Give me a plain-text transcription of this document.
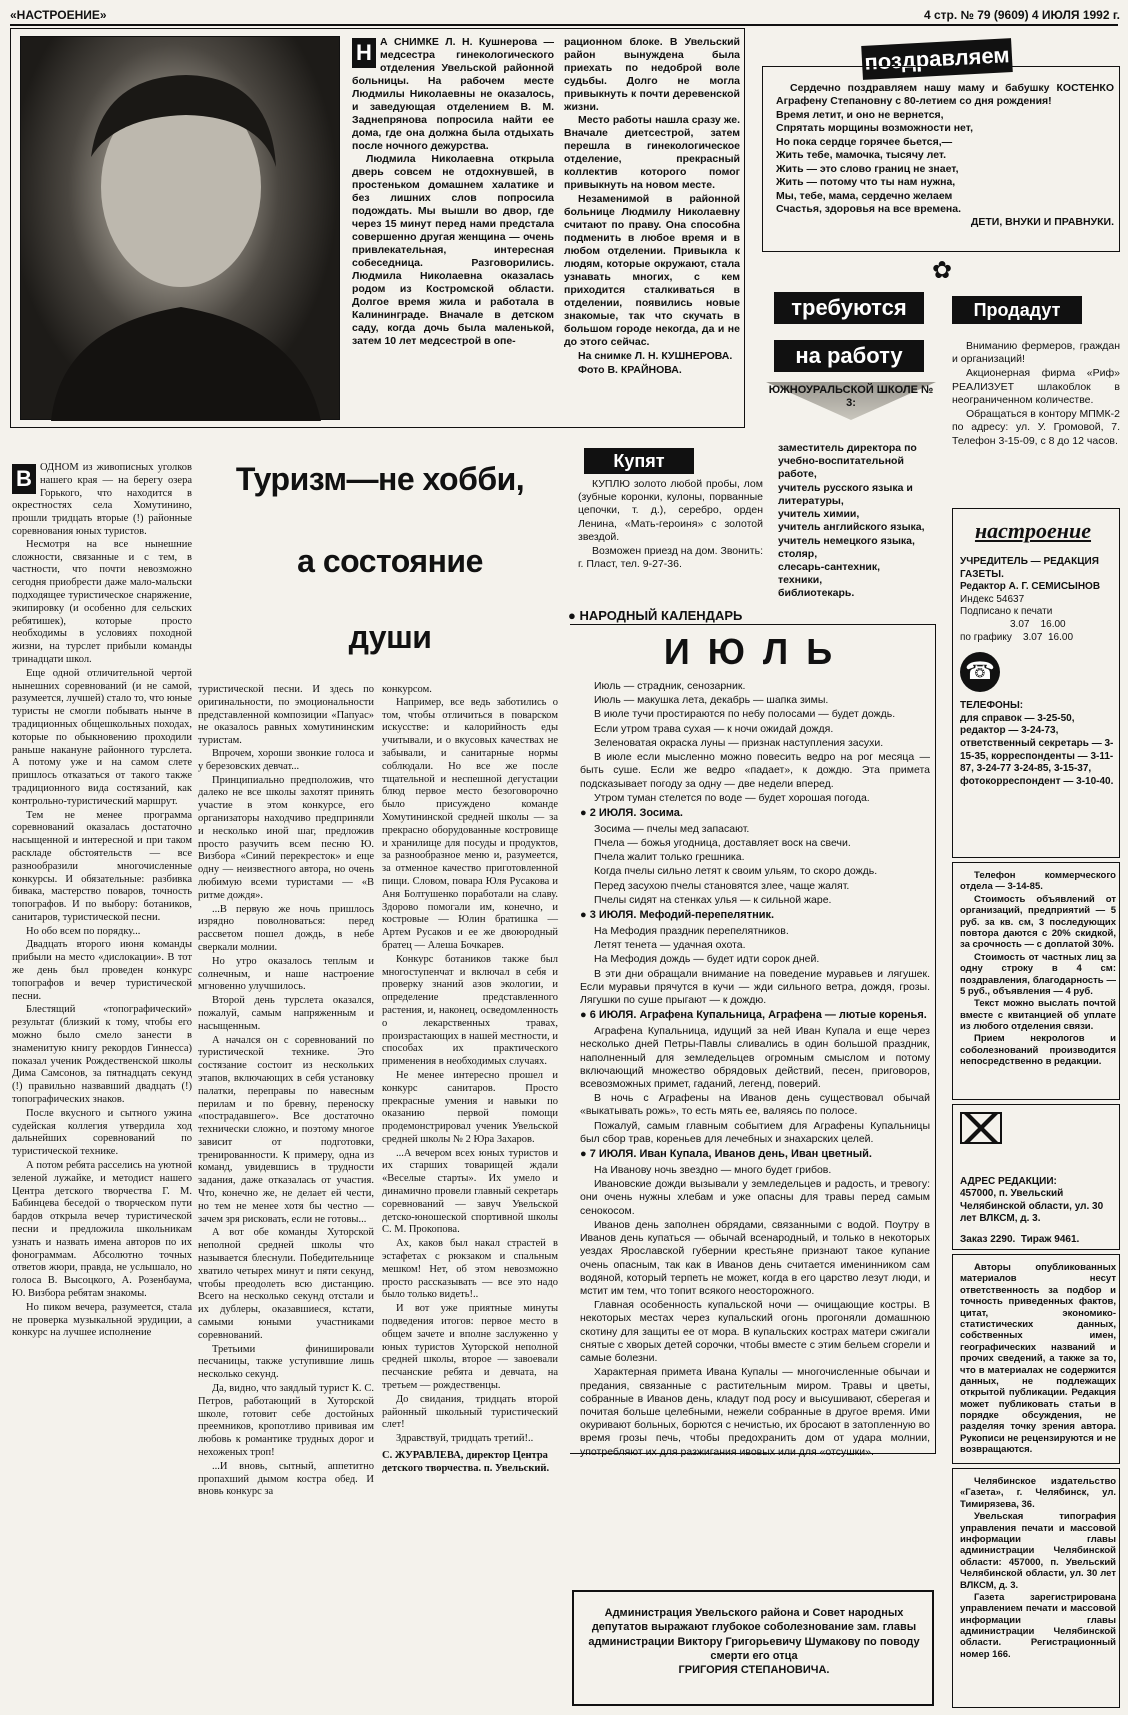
«НАСТРОЕНИЕ»	4 стр. № 79 (9609) 4 ИЮЛЯ 1992 г.
Н А СНИМКЕ Л. Н. Кушнерова — медсестра гинекологического отделения Увельской районной больницы. На рабочем месте Людмилы Николаевны не оказалось, и заведующая отделением В. М. Заднепрянова попросила найти ее дома, где она должна была отдыхать после ночного дежурства.

Людмила Николаевна открыла дверь совсем не отдохнувшей, в простеньком домашнем халатике и без лишних слов попросила подождать. Мы вышли во двор, где через 15 минут перед нами предстала совершенно другая женщина — очень привлекательная, интересная собеседница. Разговорились. Людмила Николаевна оказалась родом из Костромской области. Долгое время жила и работала в Калининграде. Вначале в детском саду, когда дочь была маленькой, затем 10 лет медсестрой в опе-

рационном блоке. В Увельский район вынуждена была приехать по недоброй воле судьбы. Долго не могла привыкнуть к почти деревенской жизни.

Место работы нашла сразу же. Вначале диетсестрой, затем перешла в гинекологическое отделение, прекрасный коллектив которого помог привыкнуть на новом месте.

Незаменимой в районной больнице Людмилу Николаевну считают по праву. Она способна подменить в любое время и в любом отделении. Привыкла к людям, которые окружают, стала узнавать многих, с кем приходится сталкиваться в отделении, появились новые знакомые, так что скучать в большом городе некогда, да и не до этого сейчас.

На снимке Л. Н. КУШНЕРОВА.

Фото В. КРАЙНОВА.

поздравляем

Сердечно поздравляем нашу маму и бабушку КОСТЕНКО Аграфену Степановну с 80-летием со дня рождения!

Время летит, и оно не вернется,

Спрятать морщины возможности нет,

Но пока сердце горячее бьется,—

Жить тебе, мамочка, тысячу лет.

Жить — это слово границ не знает,

Жить — потому что ты нам нужна,

Мы, тебе, мама, сердечно желаем

Счастья, здоровья на все времена.

ДЕТИ, ВНУКИ И ПРАВНУКИ.

✿
требуются
на работу
ЮЖНОУРАЛЬСКОЙ ШКОЛЕ № 3:

заместитель директора по учебно-воспитательной работе,

учитель русского языка и литературы,

учитель химии,

учитель английского языка,

учитель немецкого языка,

столяр,

слесарь-сантехник,

техники,

библиотекарь.

Продадут

Вниманию фермеров, граждан и организаций!

Акционерная фирма «Риф» РЕАЛИЗУЕТ шлакоблок в неограниченном количестве.

Обращаться в контору МПМК-2 по адресу: ул. У. Громовой, 7. Телефон 3-15-09, с 8 до 12 часов.

Туризм—не хобби,
а состояние
души
В ОДНОМ из живописных уголков нашего края — на берегу озера Горького, что находится в окрестностях села Хомутинино, прошли тридцать вторые (!) районные соревнования юных туристов.

Несмотря на все нынешние сложности, связанные и с тем, в частности, что почти невозможно сегодня приобрести даже мало-мальски подходящее туристическое снаряжение, экипировку (и особенно для сельских ребятишек), которые просто необходимы в условиях походной жизни, на турслет прибыли команды тринадцати школ.

Еще одной отличительной чертой нынешних соревнований (и не самой, разумеется, лучшей) стало то, что юные туристы не смогли побывать нынче в традиционных общешкольных походах, которые по обыкновению проходили раньше накануне районного турслета. А потому уже и на самом слете пришлось отказаться от такого также традиционного вида состязаний, как контрольно-туристический маршрут.

Тем не менее программа соревнований оказалась достаточно насыщенной и интересной и при таком раскладе обстоятельств — все разнообразили многочисленные конкурсы. И обязательные: разбивка бивака, мастерство поваров, точность топографов. И по выбору: ботаников, санитаров, туристической песни.

Но обо всем по порядку...

Двадцать второго июня команды прибыли на место «дислокации». В тот же день был проведен конкурс топографов и вечер туристической песни.

Блестящий «топографический» результат (близкий к тому, чтобы его можно было смело занести в знаменитую книгу рекордов Гиннесса) показал ученик Рождественской школы Дима Самсонов, за пятнадцать секунд (!) правильно назвавший двадцать (!) топографических знаков.

После вкусного и сытного ужина судейская коллегия утвердила ход дальнейших соревнований по туристической технике.

А потом ребята расселись на уютной зеленой лужайке, и методист нашего Центра детского творчества Г. М. Бабинцева беседой о творческом пути бардов открыла вечер туристической песни и предложила школьникам узнать и назвать имена авторов по их фонограммам. Абсолютно точных ответов жюри, правда, не услышало, но голоса В. Высоцкого, А. Розенбаума, Ю. Визбора ребятам знакомы.

Но пиком вечера, разумеется, стала не проверка музыкальной эрудиции, а конкурс на лучшее исполнение

туристической песни. И здесь по оригинальности, по эмоциональности представленной композиции «Папуас» не оказалось равных хомутининским туристам.

Впрочем, хороши звонкие голоса и у березовских девчат...

Принципиально предположив, что далеко не все школы захотят принять участие в этом конкурсе, его организаторы находчиво предприняли и несколько иной шаг, предложив просто разучить всем песню Ю. Визбора «Синий перекресток» и еще одну — неизвестного автора, но очень любимую всеми туристами — «В ритме дождя».

...В первую же ночь пришлось изрядно поволноваться: перед рассветом пошел дождь, в небе сверкали молнии.

Но утро оказалось теплым и солнечным, и наше настроение мгновенно улучшилось.

Второй день турслета оказался, пожалуй, самым напряженным и насыщенным.

А начался он с соревнований по туристической технике. Это состязание состоит из нескольких этапов, включающих в себя установку палатки, переправы по навесным перилам и по бревну, переноску «пострадавшего». Все достаточно технически сложно, и поэтому многое зависит от подготовки, тренированности. К примеру, одна из команд, увидевшись в трудности задания, даже отказалась от участия. Что, конечно же, не делает ей чести, но тем не менее хотя бы честно — зачем зря рисковать, если не готовы...

А вот обе команды Хуторской неполной средней школы что называется блеснули. Победительнице хватило четырех минут и пяти секунд, чтобы преодолеть всю дистанцию. Всего на несколько секунд отстали и их дублеры, оказавшиеся, кстати, самыми юными участниками соревнований.

Третьими финишировали песчаницы, также уступившие лишь несколько секунд.

Да, видно, что заядлый турист К. С. Петров, работающий в Хуторской школе, готовит себе достойных преемников, кропотливо прививая им любовь к романтике трудных дорог и нехоженых троп!

...И вновь, сытный, аппетитно пропахший дымом костра обед. И вновь конкурс за

конкурсом.

Например, все ведь заботились о том, чтобы отличиться в поварском искусстве: и калорийность еды учитывали, и о вкусовых качествах не забывали, и санитарные нормы соблюдали. Но все же после тщательной и неспешной дегустации блюд первое место безоговорочно было присуждено команде Хомутининской средней школы — за прекрасно оборудованные костровище и хранилище для посуды и продуктов, за разнообразное меню и, разумеется, за отменное качество приготовленной пищи. Словом, повара Юля Русакова и Аня Болтушенко поработали на славу. Здорово помогали им, конечно, и костровые — Юлин братишка — Артем Русаков и ее же двоюродный братец — Алеша Бочкарев.

Конкурс ботаников также был многоступенчат и включал в себя и проверку знаний азов экологии, и определение представленного растения, и, наконец, осведомленность о лекарственных травах, произрастающих в нашей местности, и способах их практического применения в необходимых случаях.

Не менее интересно прошел и конкурс санитаров. Просто прекрасные умения и навыки по оказанию первой помощи продемонстрировал ученик Увельской средней школы № 2 Юра Захаров.

...А вечером всех юных туристов и их старших товарищей ждали «Веселые старты». Их умело и динамично провели главный секретарь соревнований — завуч Увельской детско-юношеской спортивной школы С. М. Прокопова.

Ах, каков был накал страстей в эстафетах с рюкзаком и спальным мешком! Нет, об этом невозможно просто рассказывать — все это надо было только видеть!..

И вот уже приятные минуты подведения итогов: первое место в общем зачете и вполне заслуженно у юных туристов Хуторской неполной средней школы, второе — завоевали песчанские ребята и девчата, на третьем — рождественцы.

До свидания, тридцать второй районный школьный туристический слет!

Здравствуй, тридцать третий!..

С. ЖУРАВЛЕВА, директор Центра детского творчества. п. Увельский.

Купят

КУПЛЮ золото любой пробы, лом (зубные коронки, кулоны, порванные цепочки, т. д.), серебро, орден Ленина, «Мать-героиня» с золотой звездой.

Возможен приезд на дом. Звонить: г. Пласт, тел. 9-27-36.

● НАРОДНЫЙ КАЛЕНДАРЬ
И Ю Л Ь

Июль — страдник, сенозарник.

Июль — макушка лета, декабрь — шапка зимы.

В июле тучи простираются по небу полосами — будет дождь.

Если утром трава сухая — к ночи ожидай дождя.

Зеленоватая окраска луны — признак наступления засухи.

В июле если мысленно можно повесить ведро на рог месяца — быть суше. Если же ведро «падает», к дождю. Эта примета подсказывает погоду за одну — две недели вперед.

Утром туман стелется по воде — будет хорошая погода.

● 2 ИЮЛЯ. Зосима.

Зосима — пчелы мед запасают.

Пчела — божья угодница, доставляет воск на свечи.

Пчела жалит только грешника.

Когда пчелы сильно летят к своим ульям, то скоро дождь.

Перед засухою пчелы становятся злее, чаще жалят.

Пчелы сидят на стенках улья — к сильной жаре.

● 3 ИЮЛЯ. Мефодий-перепелятник.

На Мефодия праздник перепелятников.

Летят тенета — удачная охота.

На Мефодия дождь — будет идти сорок дней.

В эти дни обращали внимание на поведение муравьев и лягушек. Если муравьи прячутся в кучи — жди сильного ветра, дождя, грозы. Лягушки по суше прыгают — к дождю.

● 6 ИЮЛЯ. Аграфена Купальница, Аграфена — лютые коренья.

Аграфена Купальница, идущий за ней Иван Купала и еще через несколько дней Петры-Павлы сливались в один большой праздник, наполненный для земледельцев огромным смыслом и потому включающий множество обрядовых действий, песен, приговоров, всевозможных примет, гаданий, легенд, поверий.

В ночь с Аграфены на Иванов день существовал обычай «выкатывать рожь», то есть мять ее, валяясь по полосе.

Пожалуй, самым главным событием для Аграфены Купальницы был сбор трав, кореньев для лечебных и знахарских целей.

● 7 ИЮЛЯ. Иван Купала, Иванов день, Иван цветный.

На Иванову ночь звездно — много будет грибов.

Ивановские дожди вызывали у земледельцев и радость, и тревогу: они очень нужны хлебам и уже опасны для травы перед самым сенокосом.

Иванов день заполнен обрядами, связанными с водой. Поутру в Иванов день купаться — обычай всенародный, и только в некоторых уездах Ярославской губернии крестьяне признают такое купание очень опасным, так как в Иванов день считается именинником сам водяной, который терпеть не может, когда в его царство лезут люди, и мстит им тем, что топит всякого неосторожного.

Главная особенность купальской ночи — очищающие костры. В некоторых местах через купальский огонь прогоняли домашнюю скотину для защиты ее от мора. В купальских кострах матери сжигали снятые с хворых детей сорочки, чтобы вместе с этим бельем сгорели и самые болезни.

Характерная примета Ивана Купалы — многочисленные обычаи и предания, связанные с растительным миром. Травы и цветы, собранные в Иванов день, кладут под росу и высушивают, сберегая и почитая больше целебными, нежели собранные в другое время. Ими окуривают больных, борются с нечистью, их бросают в затопленную во время грозы печь, чтобы предохранить дом от удара молнии, употребляют их для разжигания ивовых или для «отсушки».

Администрация Увельского района и Совет народных депутатов выражают глубокое соболезнование зам. главы администрации Виктору Григорьевичу Шумакову по поводу смерти его отца

ГРИГОРИЯ СТЕПАНОВИЧА.

настроение

УЧРЕДИТЕЛЬ — РЕДАКЦИЯ ГАЗЕТЫ.

Редактор А. Г. СЕМИСЫНОВ

Индекс 54637

Подписано к печати

3.07 16.00

по графику 3.07 16.00

☎

ТЕЛЕФОНЫ:

для справок — 3-25-50, редактор — 3-24-73, ответственный секретарь — 3-15-35, корреспонденты — 3-11-87, 3-24-77 3-24-85, 3-15-37, фотокорреспондент — 3-10-40.

Телефон коммерческого отдела — 3-14-85.

Стоимость объявлений от организаций, предприятий — 5 руб. за кв. см, 3 последующих повтора даются с 20% скидкой, за срочность — с доплатой 30%.

Стоимость от частных лиц за одну строку в 4 см: поздравления, благодарность — 5 руб., объявления — 4 руб.

Текст можно выслать почтой вместе с квитанцией об уплате из любого отделения связи.

Прием некрологов и соболезнований производится непосредственно в редакции.

АДРЕС РЕДАКЦИИ:

457000, п. Увельский Челябинской области, ул. 30 лет ВЛКСМ, д. 3.

Заказ 2290. Тираж 9461.

Авторы опубликованных материалов несут ответственность за подбор и точность приведенных фактов, цитат, экономико-статистических данных, собственных имен, географических названий и прочих сведений, а также за то, что в материалах не содержится данных, не подлежащих открытой публикации. Редакция может публиковать статьи в порядке обсуждения, не разделяя точку зрения автора. Рукописи не рецензируются и не возвращаются.

Челябинское издательство «Газета», г. Челябинск, ул. Тимирязева, 36.

Увельская типография управления печати и массовой информации главы администрации Челябинской области: 457000, п. Увельский Челябинской области, ул. 30 лет ВЛКСМ, д. 3.

Газета зарегистрирована управлением печати и массовой информации главы администрации Челябинской области. Регистрационный номер 166.
